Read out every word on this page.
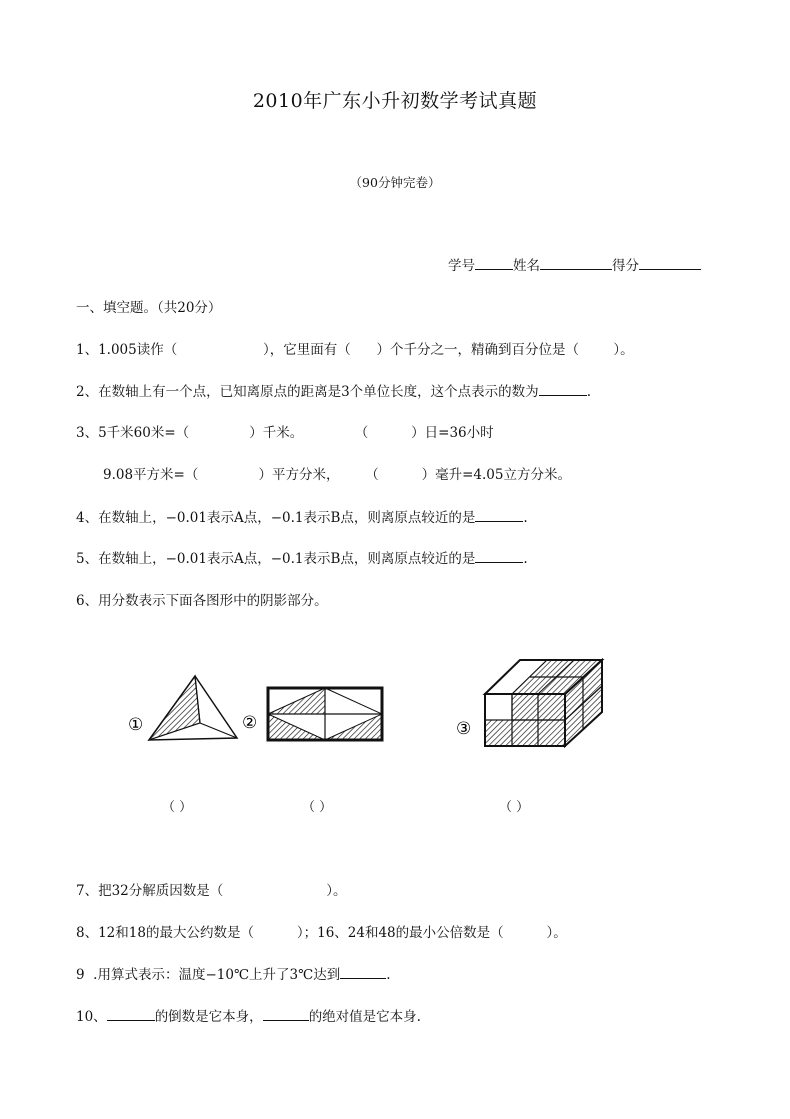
2010年广东小升初数学考试真题
（90分钟完卷）
学号	姓名	得分
一、填空题。（共20分）
1、1.005读作（                    ），它里面有（      ）个千分之一，精确到百分位是（        ）。
2、在数轴上有一个点，已知离原点的距离是3个单位长度，这个点表示的数为	.
3、5千米60米=（              ）千米。            （          ）日=36小时
9.08平方米=（              ）平方分米，      （          ）毫升=4.05立方分米。
4、在数轴上，−0.01表示A点，−0.1表示B点，则离原点较近的是	.
5、在数轴上，−0.01表示A点，−0.1表示B点，则离原点较近的是	.
6、用分数表示下面各图形中的阴影部分。
①	②	③
（ ）	（ ）	（ ）
7、把32分解质因数是（                        ）。
8、12和18的最大公约数是（          ）；16、24和48的最小公倍数是（          ）。
9  .用算式表示：温度−10℃上升了3℃达到	.
10、	的倒数是它本身，	的绝对值是它本身.
